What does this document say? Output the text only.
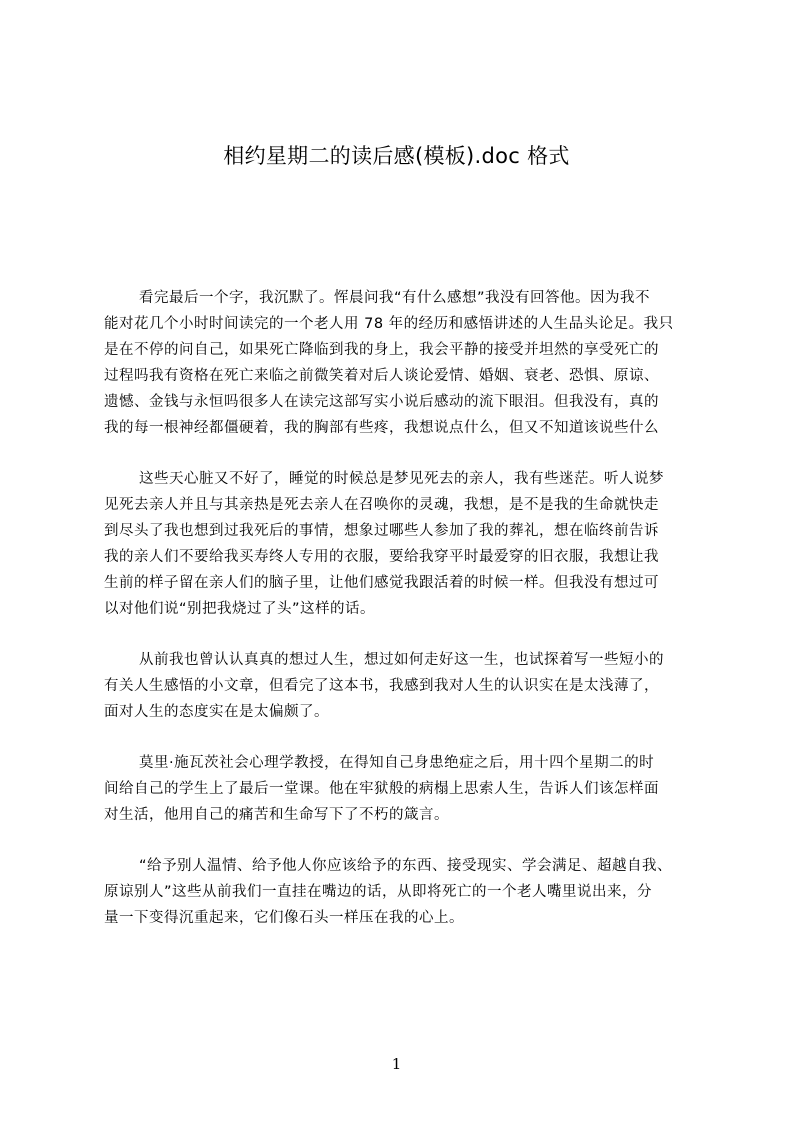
相约星期二的读后感(模板).doc 格式
看完最后一个字，我沉默了。恽晨问我“有什么感想”我没有回答他。因为我不
能对花几个小时时间读完的一个老人用 78 年的经历和感悟讲述的人生品头论足。我只
是在不停的问自己，如果死亡降临到我的身上，我会平静的接受并坦然的享受死亡的
过程吗我有资格在死亡来临之前微笑着对后人谈论爱情、婚姻、衰老、恐惧、原谅、
遗憾、金钱与永恒吗很多人在读完这部写实小说后感动的流下眼泪。但我没有，真的
我的每一根神经都僵硬着，我的胸部有些疼，我想说点什么，但又不知道该说些什么
这些天心脏又不好了，睡觉的时候总是梦见死去的亲人，我有些迷茫。听人说梦
见死去亲人并且与其亲热是死去亲人在召唤你的灵魂，我想，是不是我的生命就快走
到尽头了我也想到过我死后的事情，想象过哪些人参加了我的葬礼，想在临终前告诉
我的亲人们不要给我买寿终人专用的衣服，要给我穿平时最爱穿的旧衣服，我想让我
生前的样子留在亲人们的脑子里，让他们感觉我跟活着的时候一样。但我没有想过可
以对他们说“别把我烧过了头”这样的话。
从前我也曾认认真真的想过人生，想过如何走好这一生，也试探着写一些短小的
有关人生感悟的小文章，但看完了这本书，我感到我对人生的认识实在是太浅薄了，
面对人生的态度实在是太偏颇了。
莫里·施瓦茨社会心理学教授，在得知自己身患绝症之后，用十四个星期二的时
间给自己的学生上了最后一堂课。他在牢狱般的病榻上思索人生，告诉人们该怎样面
对生活，他用自己的痛苦和生命写下了不朽的箴言。
“给予别人温情、给予他人你应该给予的东西、接受现实、学会满足、超越自我、
原谅别人”这些从前我们一直挂在嘴边的话，从即将死亡的一个老人嘴里说出来，分
量一下变得沉重起来，它们像石头一样压在我的心上。
1
